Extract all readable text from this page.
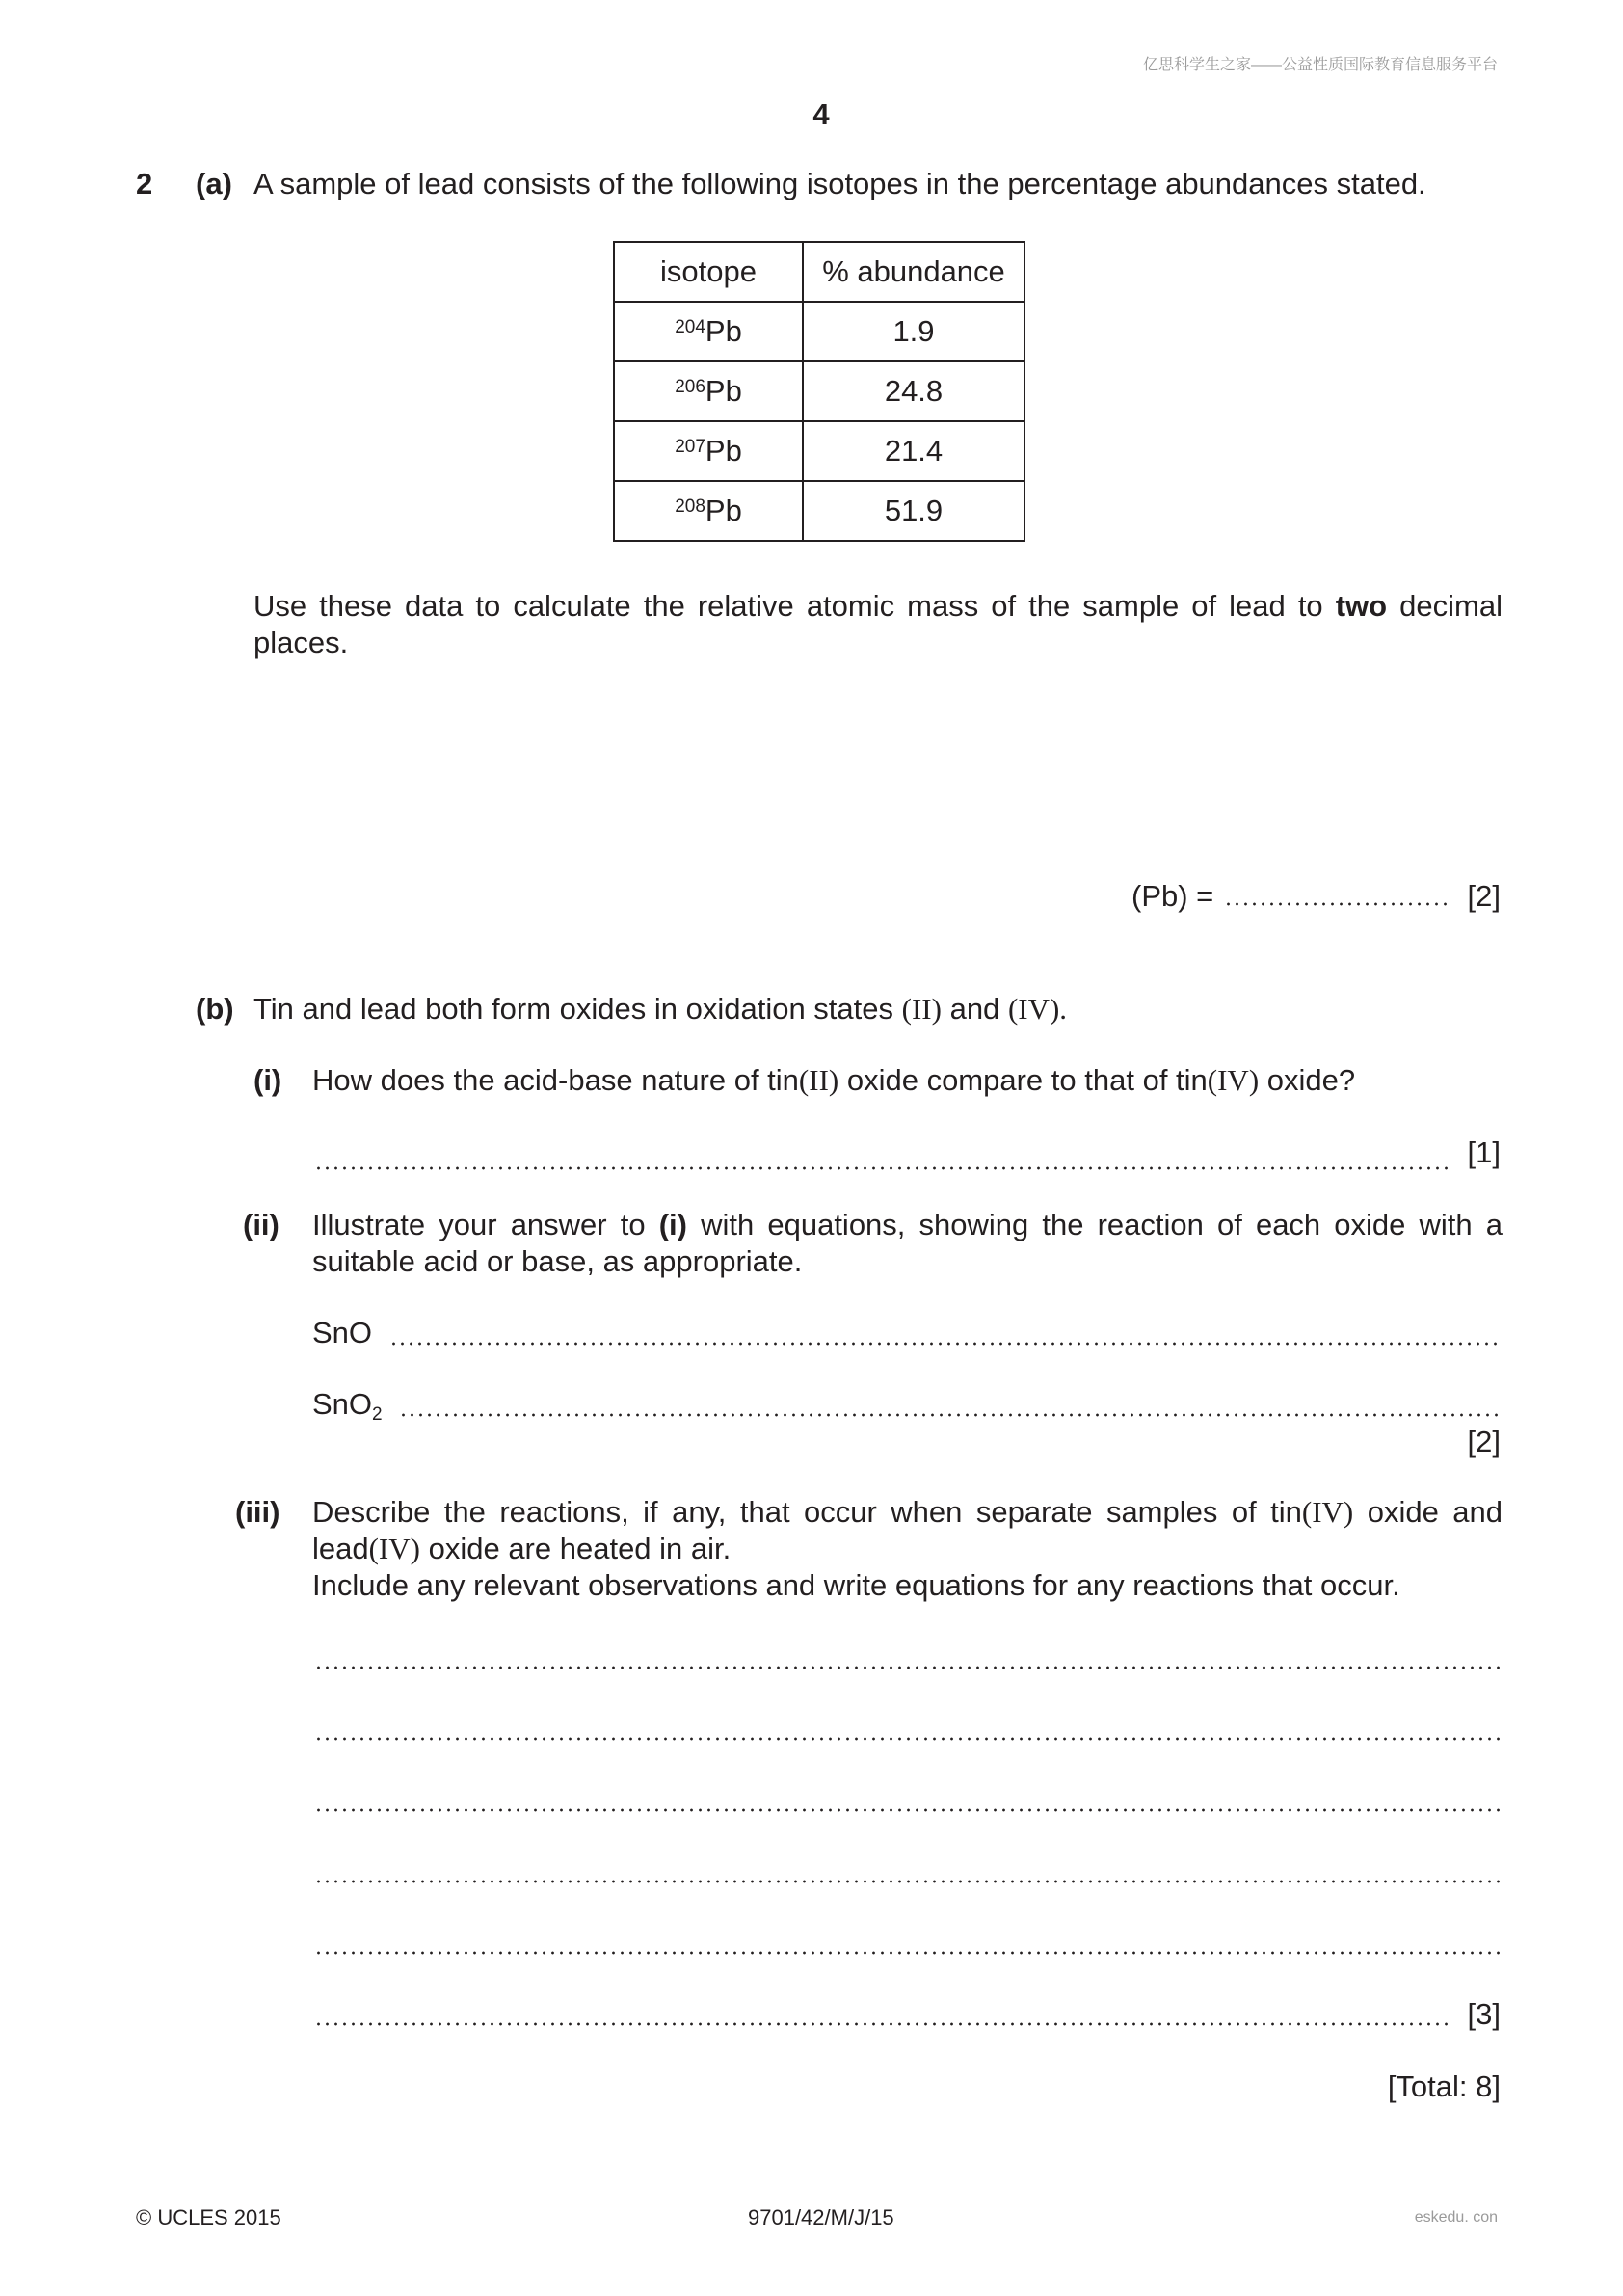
亿思科学生之家——公益性质国际教育信息服务平台
4
2 (a) A sample of lead consists of the following isotopes in the percentage abundances stated.
isotope	% abundance
$^{204}$Pb	1.9
$^{206}$Pb	24.8
$^{207}$Pb	21.4
$^{208}$Pb	51.9
Use these data to calculate the relative atomic mass of the sample of lead to two decimal
places.
(Pb) =	[2]
(b) Tin and lead both form oxides in oxidation states (II) and (IV).
(i) How does the acid-base nature of tin(II) oxide compare to that of tin(IV) oxide?
[1]
(ii) Illustrate your answer to (i) with equations, showing the reaction of each oxide with a
suitable acid or base, as appropriate.
SnO
SnO$_2$
[2]
(iii) Describe the reactions, if any, that occur when separate samples of tin(IV) oxide and
lead(IV) oxide are heated in air.
Include any relevant observations and write equations for any reactions that occur.
[3]
[Total: 8]
© UCLES 2015	9701/42/M/J/15	eskedu. con
